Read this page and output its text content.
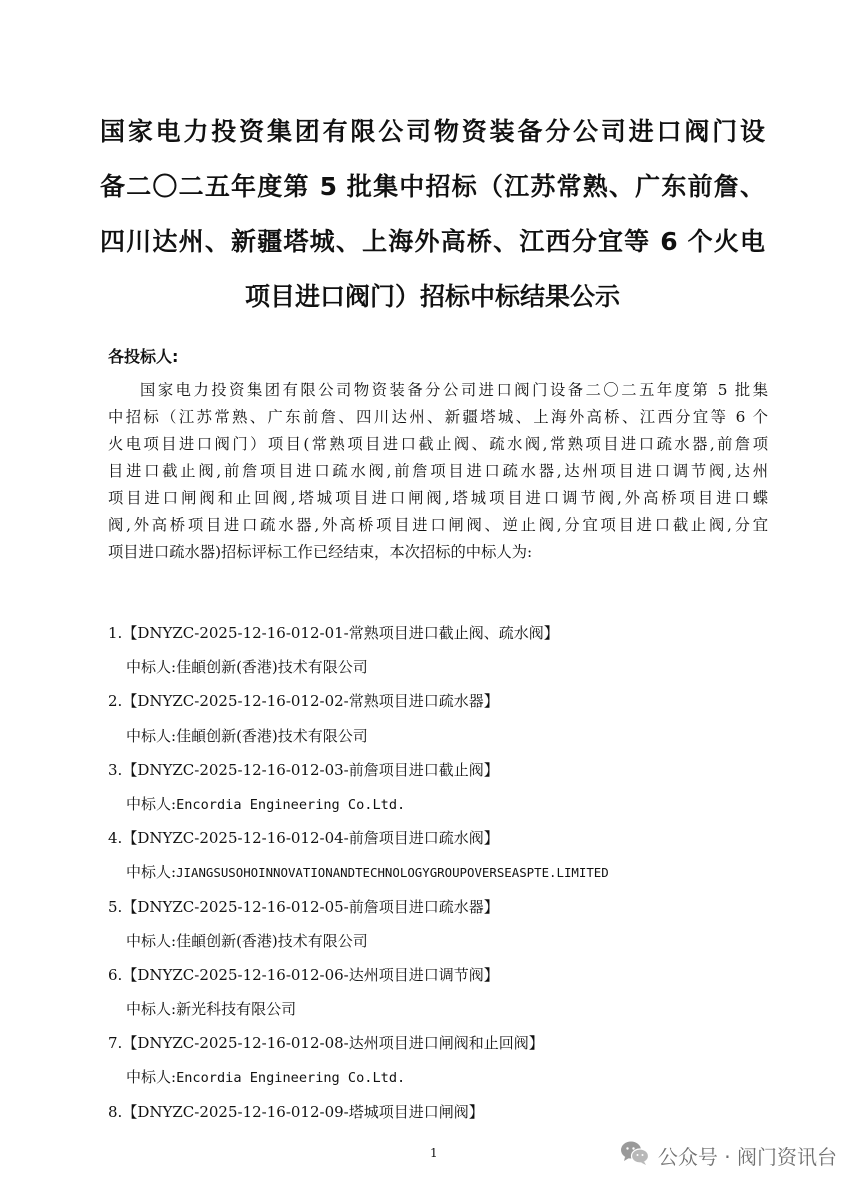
国家电力投资集团有限公司物资装备分公司进口阀门设
备二〇二五年度第 5 批集中招标（江苏常熟、广东前詹、
四川达州、新疆塔城、上海外高桥、江西分宜等 6 个火电
项目进口阀门）招标中标结果公示
各投标人:
国家电力投资集团有限公司物资装备分公司进口阀门设备二〇二五年度第 5 批集
中招标（江苏常熟、广东前詹、四川达州、新疆塔城、上海外高桥、江西分宜等 6 个
火电项目进口阀门）项目(常熟项目进口截止阀、疏水阀,常熟项目进口疏水器,前詹项
目进口截止阀,前詹项目进口疏水阀,前詹项目进口疏水器,达州项目进口调节阀,达州
项目进口闸阀和止回阀,塔城项目进口闸阀,塔城项目进口调节阀,外高桥项目进口蝶
阀,外高桥项目进口疏水器,外高桥项目进口闸阀、逆止阀,分宜项目进口截止阀,分宜
项目进口疏水器)招标评标工作已经结束，本次招标的中标人为:
1.【DNYZC-2025-12-16-012-01-常熟项目进口截止阀、疏水阀】
中标人:佳頔创新(香港)技术有限公司
2.【DNYZC-2025-12-16-012-02-常熟项目进口疏水器】
中标人:佳頔创新(香港)技术有限公司
3.【DNYZC-2025-12-16-012-03-前詹项目进口截止阀】
中标人:Encordia Engineering Co.Ltd.
4.【DNYZC-2025-12-16-012-04-前詹项目进口疏水阀】
中标人:JIANGSUSOHOINNOVATIONANDTECHNOLOGYGROUPOVERSEASPTE.LIMITED
5.【DNYZC-2025-12-16-012-05-前詹项目进口疏水器】
中标人:佳頔创新(香港)技术有限公司
6.【DNYZC-2025-12-16-012-06-达州项目进口调节阀】
中标人:新光科技有限公司
7.【DNYZC-2025-12-16-012-08-达州项目进口闸阀和止回阀】
中标人:Encordia Engineering Co.Ltd.
8.【DNYZC-2025-12-16-012-09-塔城项目进口闸阀】
1	公众号 · 阀门资讯台
